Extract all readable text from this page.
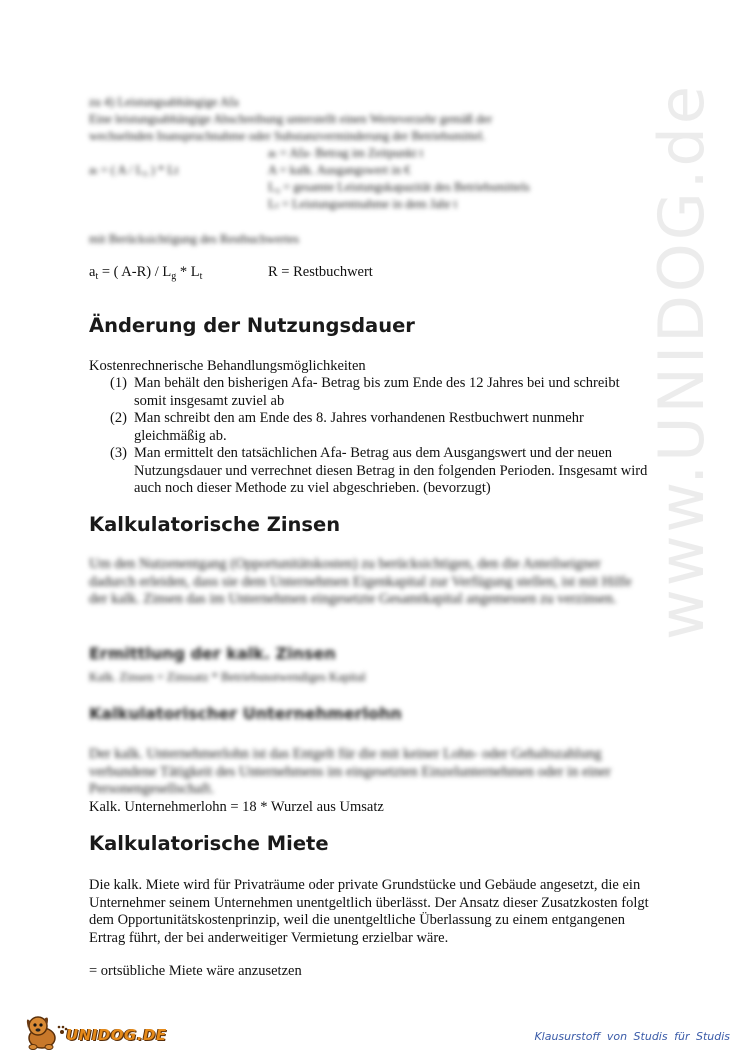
www.UNIDOG.de
zu 4) Leistungsabhängige Afa
Eine leistungsabhängige Abschreibung unterstellt einen Werteverzehr gemäß der
wechselnden Inanspruchnahme oder Substanzverminderung der Betriebsmittel.
aₜ = Afa- Betrag im Zeitpunkt t
aₜ = ( A / L₉ ) * Lt	A = kalk. Ausgangswert in €
L₉ = gesamte Leistungskapazität des Betriebsmittels
Lₜ = Leistungsentnahme in dem Jahr t
mit Berücksichtigung des Restbuchwertes
$a_t$ = ( $A-R) / L_g * L_t$	R = Restbuchwert
Änderung der Nutzungsdauer
Kostenrechnerische Behandlungsmöglichkeiten
(1) Man behält den bisherigen Afa- Betrag bis zum Ende des 12 Jahres bei und schreibt somit insgesamt zuviel ab
(2) Man schreibt den am Ende des 8. Jahres vorhandenen Restbuchwert nunmehr gleichmäßig ab.
(3) Man ermittelt den tatsächlichen Afa- Betrag aus dem Ausgangswert und der neuen Nutzungsdauer und verrechnet diesen Betrag in den folgenden Perioden. Insgesamt wird auch noch dieser Methode zu viel abgeschrieben. (bevorzugt)
Kalkulatorische Zinsen
Um den Nutzenentgang (Opportunitätskosten) zu berücksichtigen, den die Anteilseigner dadurch erleiden, dass sie dem Unternehmen Eigenkapital zur Verfügung stellen, ist mit Hilfe der kalk. Zinsen das im Unternehmen eingesetzte Gesamtkapital angemessen zu verzinsen.
Ermittlung der kalk. Zinsen
Kalk. Zinsen = Zinssatz * Betriebsnotwendiges Kapital
Kalkulatorischer Unternehmerlohn
Der kalk. Unternehmerlohn ist das Entgelt für die mit keiner Lohn- oder Gehaltszahlung verbundene Tätigkeit des Unternehmens im eingesetzten Einzelunternehmen oder in einer Personengesellschaft.
Kalk. Unternehmerlohn = 18 * Wurzel aus Umsatz
Kalkulatorische Miete
Die kalk. Miete wird für Privaträume oder private Grundstücke und Gebäude angesetzt, die ein Unternehmer seinem Unternehmen unentgeltlich überlässt. Der Ansatz dieser Zusatzkosten folgt dem Opportunitätskostenprinzip, weil die unentgeltliche Überlassung zu einem entgangenen Ertrag führt, der bei anderweitiger Vermietung erzielbar wäre.
= ortsübliche Miete wäre anzusetzen
UNIDOG.DE	Klausurstoff von Studis für Studis
